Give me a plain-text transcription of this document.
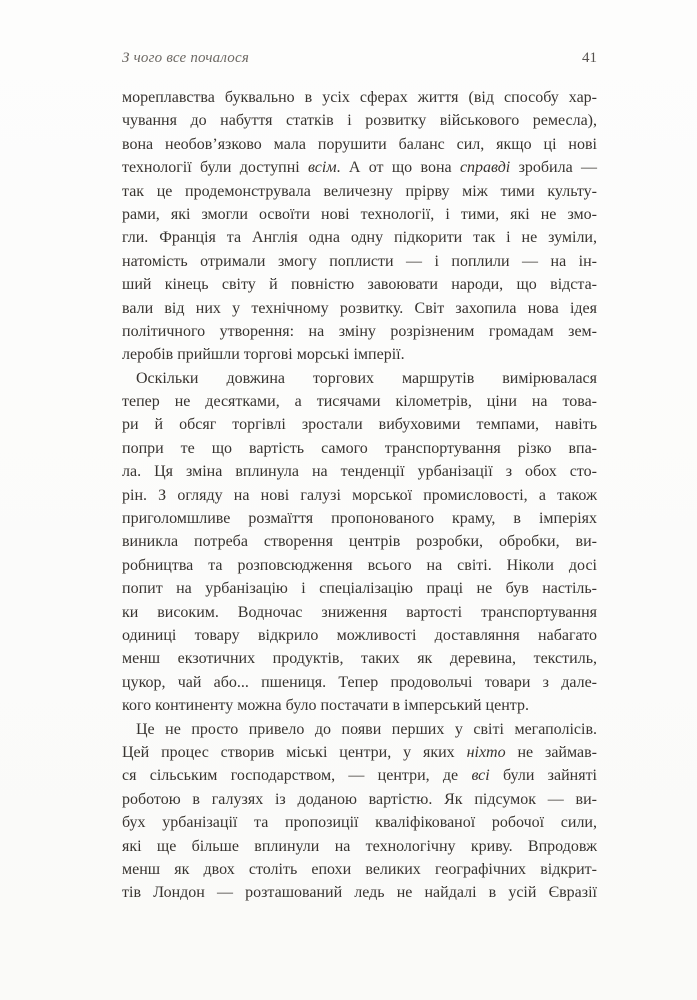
З чого все почалося	41
мореплавства буквально в усіх сферах життя (від способу хар-
чування до набуття статків і розвитку військового ремесла),
вона необов’язково мала порушити баланс сил, якщо ці нові
технології були доступні всім. А от що вона справді зробила —
так це продемонструвала величезну прірву між тими культу-
рами, які змогли освоїти нові технології, і тими, які не змо-
гли. Франція та Англія одна одну підкорити так і не зуміли,
натомість отримали змогу поплисти — і поплили — на ін-
ший кінець світу й повністю завоювати народи, що відста-
вали від них у технічному розвитку. Світ захопила нова ідея
політичного утворення: на зміну розрізненим громадам зем-
леробів прийшли торгові морські імперії.
Оскільки довжина торгових маршрутів вимірювалася
тепер не десятками, а тисячами кілометрів, ціни на това-
ри й обсяг торгівлі зростали вибуховими темпами, навіть
попри те що вартість самого транспортування різко впа-
ла. Ця зміна вплинула на тенденції урбанізації з обох сто-
рін. З огляду на нові галузі морської промисловості, а також
приголомшливе розмаїття пропонованого краму, в імперіях
виникла потреба створення центрів розробки, обробки, ви-
робництва та розповсюдження всього на світі. Ніколи досі
попит на урбанізацію і спеціалізацію праці не був настіль-
ки високим. Водночас зниження вартості транспортування
одиниці товару відкрило можливості доставляння набагато
менш екзотичних продуктів, таких як деревина, текстиль,
цукор, чай або... пшениця. Тепер продовольчі товари з дале-
кого континенту можна було постачати в імперський центр.
Це не просто привело до появи перших у світі мегаполісів.
Цей процес створив міські центри, у яких ніхто не займав-
ся сільським господарством, — центри, де всі були зайняті
роботою в галузях із доданою вартістю. Як підсумок — ви-
бух урбанізації та пропозиції кваліфікованої робочої сили,
які ще більше вплинули на технологічну криву. Впродовж
менш як двох століть епохи великих географічних відкрит-
тів Лондон — розташований ледь не найдалі в усій Євразії
